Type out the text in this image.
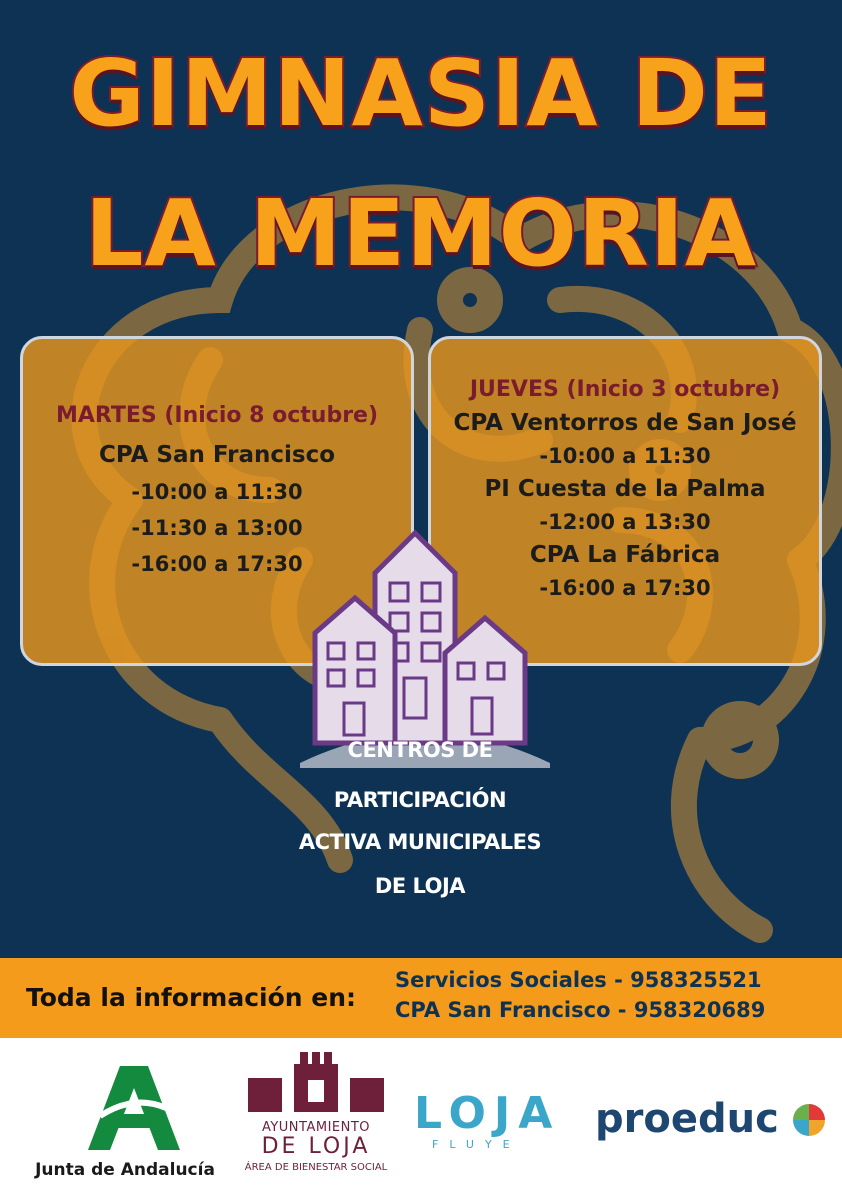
GIMNASIA DE
LA MEMORIA
MARTES (Inicio 8 octubre)
CPA San Francisco
-10:00 a 11:30
-11:30 a 13:00
-16:00 a 17:30
JUEVES (Inicio 3 octubre)
CPA Ventorros de San José
-10:00 a 11:30
PI Cuesta de la Palma
-12:00 a 13:30
CPA La Fábrica
-16:00 a 17:30
CENTROS DE
PARTICIPACIÓN
ACTIVA MUNICIPALES
DE LOJA
Toda la información en:
Servicios Sociales - 958325521
CPA San Francisco - 958320689
Junta de Andalucía
AYUNTAMIENTO
DE LOJA
ÁREA DE BIENESTAR SOCIAL
LOJA
FLUYE
proeduc
